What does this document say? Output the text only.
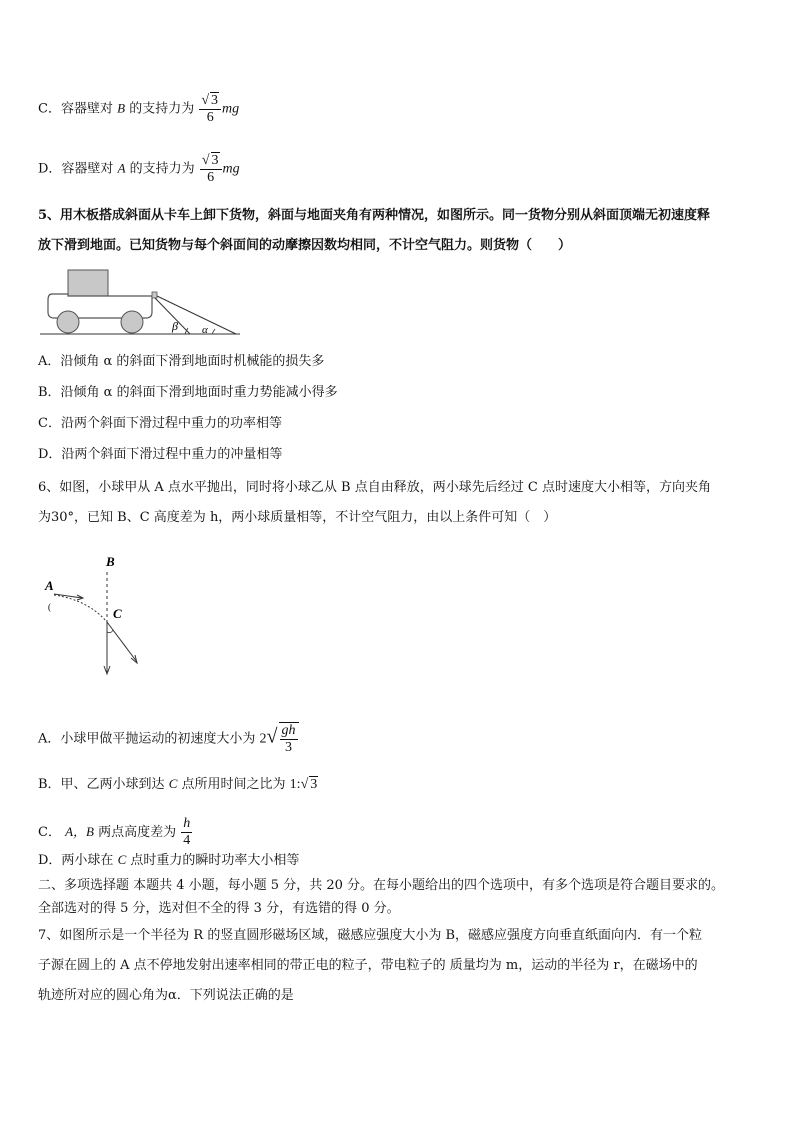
C．容器壁对 B 的支持力为 $\frac{√ 3}{6}$ mg
D．容器壁对 A 的支持力为 $\frac{√ 3}{6}$ mg
5、用木板搭成斜面从卡车上卸下货物，斜面与地面夹角有两种情况，如图所示。同一货物分别从斜面顶端无初速度释
放下滑到地面。已知货物与每个斜面间的动摩擦因数均相同，不计空气阻力。则货物（　　）
β α
A．沿倾角 α 的斜面下滑到地面时机械能的损失多
B．沿倾角 α 的斜面下滑到地面时重力势能减小得多
C．沿两个斜面下滑过程中重力的功率相等
D．沿两个斜面下滑过程中重力的冲量相等
6、如图，小球甲从 A 点水平抛出，同时将小球乙从 B 点自由释放，两小球先后经过 C 点时速度大小相等，方向夹角
为30°，已知 B、C 高度差为 h，两小球质量相等，不计空气阻力，由以上条件可知（　）
B
A
C
(
A．小球甲做平抛运动的初速度大小为 $2√ \frac{gh}{3}$
B．甲、乙两小球到达 C 点所用时间之比为 1:√ 3
C． A，B 两点高度差为 $\frac{h}{4}$
D．两小球在 C 点时重力的瞬时功率大小相等
二、多项选择题 本题共 4 小题，每小题 5 分，共 20 分。在每小题给出的四个选项中，有多个选项是符合题目要求的。
全部选对的得 5 分，选对但不全的得 3 分，有选错的得 0 分。
7、如图所示是一个半径为 R 的竖直圆形磁场区域，磁感应强度大小为 B，磁感应强度方向垂直纸面向内．有一个粒
子源在圆上的 A 点不停地发射出速率相同的带正电的粒子，带电粒子的 质量均为 m，运动的半径为 r，在磁场中的
轨迹所对应的圆心角为α．下列说法正确的是
